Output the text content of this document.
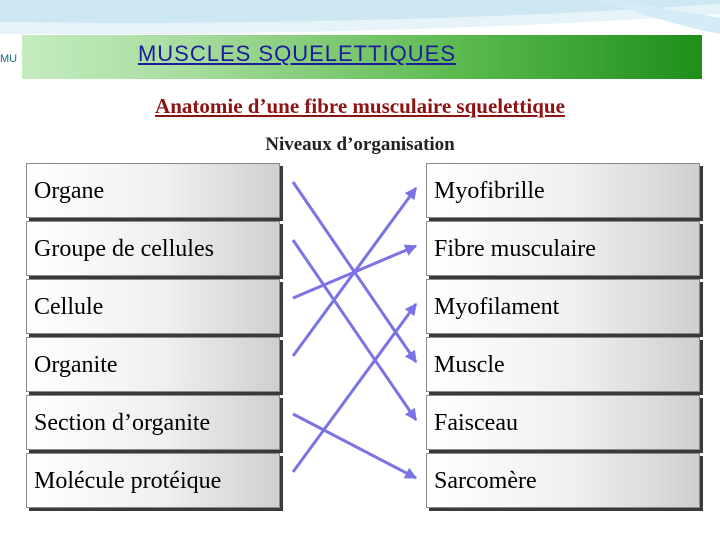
MU	MUSCLES SQUELETTIQUES
Anatomie d’une fibre musculaire squelettique
Niveaux d’organisation
Organe
Groupe de cellules
Cellule
Organite
Section d’organite
Molécule protéique
Myofibrille
Fibre musculaire
Myofilament
Muscle
Faisceau
Sarcomère
